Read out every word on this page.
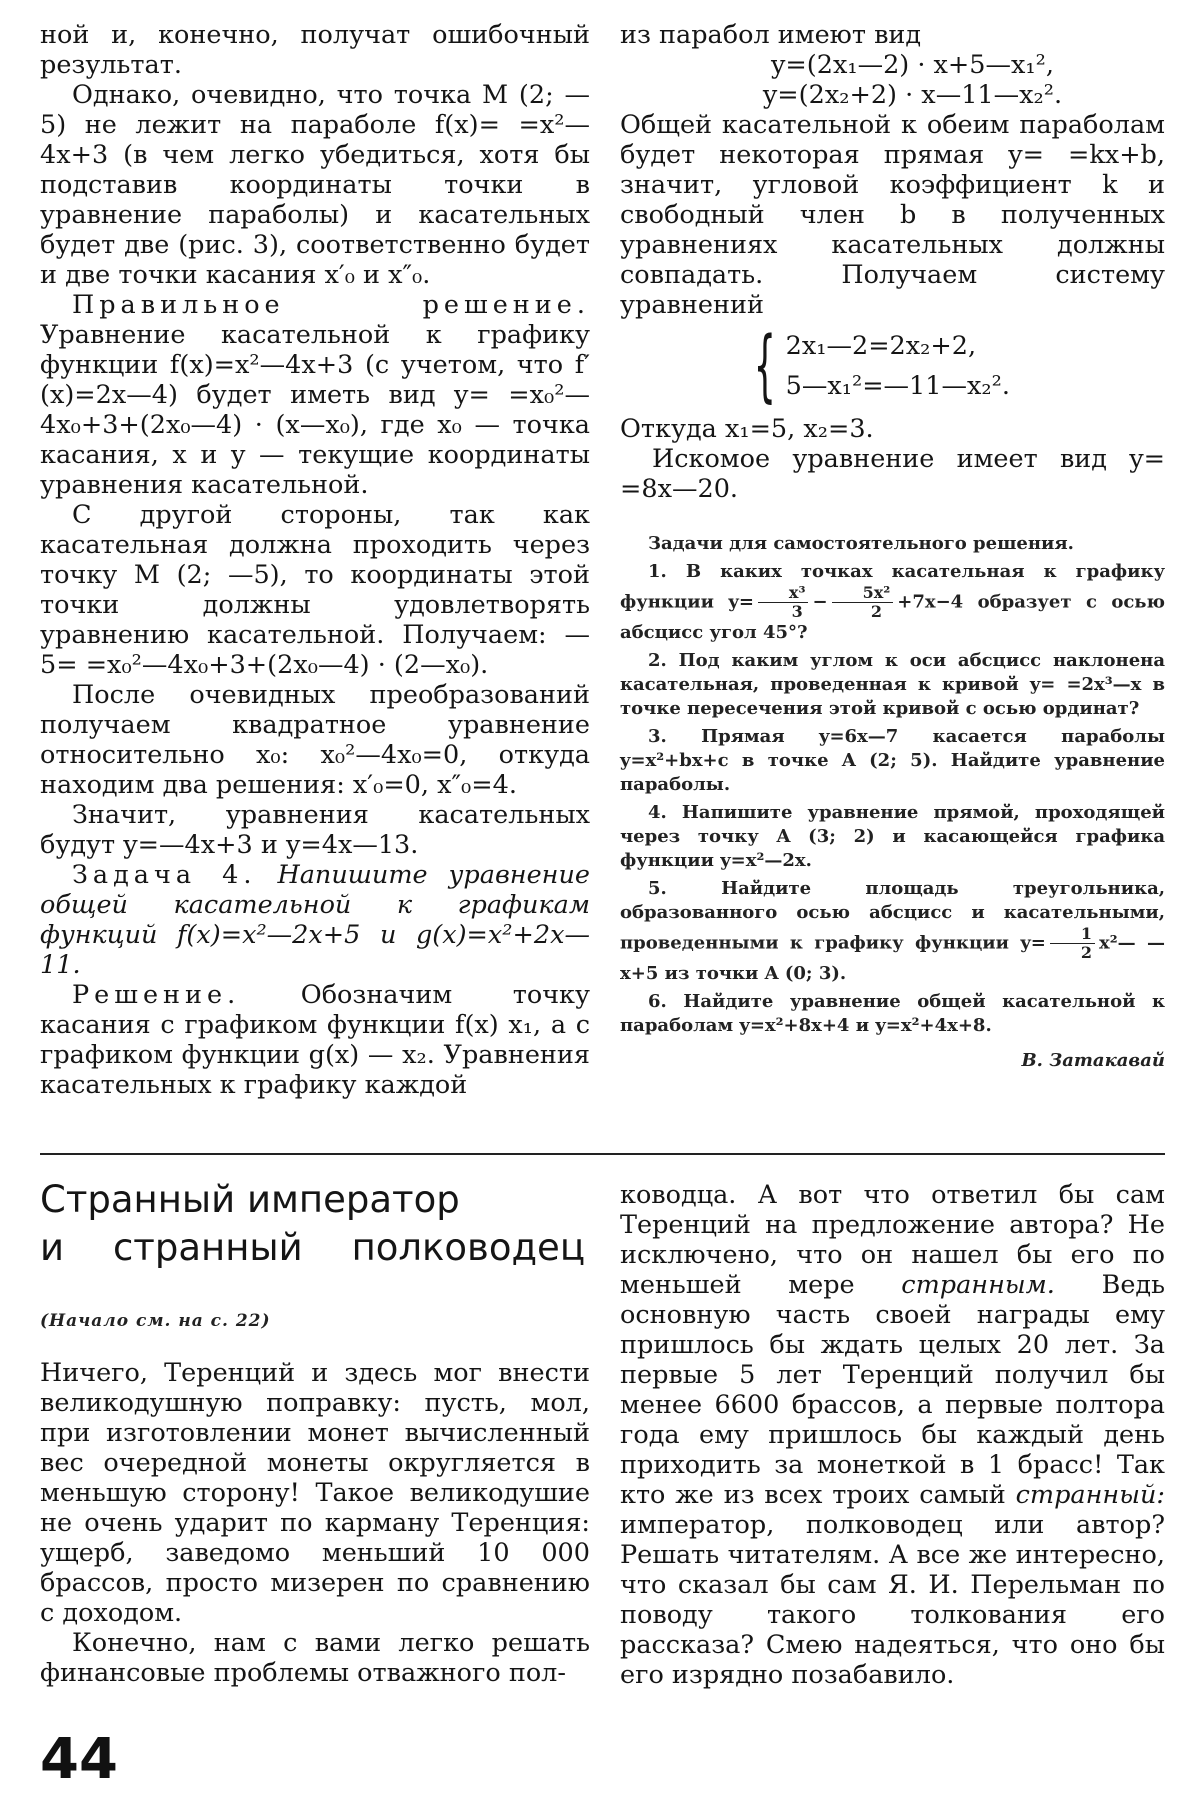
ной и, конечно, получат ошибочный результат.

Однако, очевидно, что точка M (2; —5) не лежит на параболе f(x)= =x²—4x+3 (в чем легко убедиться, хотя бы подставив координаты точки в уравнение параболы) и касательных будет две (рис. 3), соответственно будет и две точки касания x′₀ и x″₀.

Правильное решение. Уравнение касательной к графику функции f(x)=x²—4x+3 (с учетом, что f′(x)=2x—4) будет иметь вид y= =x₀²—4x₀+3+(2x₀—4) · (x—x₀), где x₀ — точка касания, x и y — текущие координаты уравнения касательной.

С другой стороны, так как касательная должна проходить через точку M (2; —5), то координаты этой точки должны удовлетворять уравнению касательной. Получаем: —5= =x₀²—4x₀+3+(2x₀—4) · (2—x₀).

После очевидных преобразований получаем квадратное уравнение относительно x₀: x₀²—4x₀=0, откуда находим два решения: x′₀=0, x″₀=4.

Значит, уравнения касательных будут y=—4x+3 и y=4x—13.

Задача 4. Напишите уравнение общей касательной к графикам функций f(x)=x²—2x+5 и g(x)=x²+2x—11.

Решение. Обозначим точку касания с графиком функции f(x) x₁, а с графиком функции g(x) — x₂. Уравнения касательных к графику каждой

из парабол имеют вид

y=(2x₁—2) · x+5—x₁²,
y=(2x₂+2) · x—11—x₂².

Общей касательной к обеим параболам будет некоторая прямая y= =kx+b, значит, угловой коэффициент k и свободный член b в полученных уравнениях касательных должны совпадать. Получаем систему уравнений

{ 2x₁—2=2x₂+2,
5—x₁²=—11—x₂².

Откуда x₁=5, x₂=3.

Искомое уравнение имеет вид y= =8x—20.

Задачи для самостоятельного решения.

1. В каких точках касательная к графику функции $y= \frac{\text{x³}}{3} - \frac{\text{5x²}}{2} +7x-4$ образует с осью абсцисс угол 45°?

2. Под каким углом к оси абсцисс наклонена касательная, проведенная к кривой y= =2x³—x в точке пересечения этой кривой с осью ординат?

3. Прямая y=6x—7 касается параболы y=x²+bx+c в точке A (2; 5). Найдите уравнение параболы.

4. Напишите уравнение прямой, проходящей через точку A (3; 2) и касающейся графика функции y=x²—2x.

5. Найдите площадь треугольника, образованного осью абсцисс и касательными, проведенными к графику функции $y= \frac{1}{2}$ x²— —x+5 из точки A (0; 3).

6. Найдите уравнение общей касательной к параболам y=x²+8x+4 и y=x²+4x+8.

В. Затакавай
Странный император
и странный полководец
(Начало см. на с. 22)

Ничего, Теренций и здесь мог внести великодушную поправку: пусть, мол, при изготовлении монет вычисленный вес очередной монеты округляется в меньшую сторону! Такое великодушие не очень ударит по карману Теренция: ущерб, заведомо меньший 10 000 брассов, просто мизерен по сравнению с доходом.

Конечно, нам с вами легко решать финансовые проблемы отважного пол-

ководца. А вот что ответил бы сам Теренций на предложение автора? Не исключено, что он нашел бы его по меньшей мере странным. Ведь основную часть своей награды ему пришлось бы ждать целых 20 лет. За первые 5 лет Теренций получил бы менее 6600 брассов, а первые полтора года ему пришлось бы каждый день приходить за монеткой в 1 брасс! Так кто же из всех троих самый странный: император, полководец или автор? Решать читателям. А все же интересно, что сказал бы сам Я. И. Перельман по поводу такого толкования его рассказа? Смею надеяться, что оно бы его изрядно позабавило.

44
